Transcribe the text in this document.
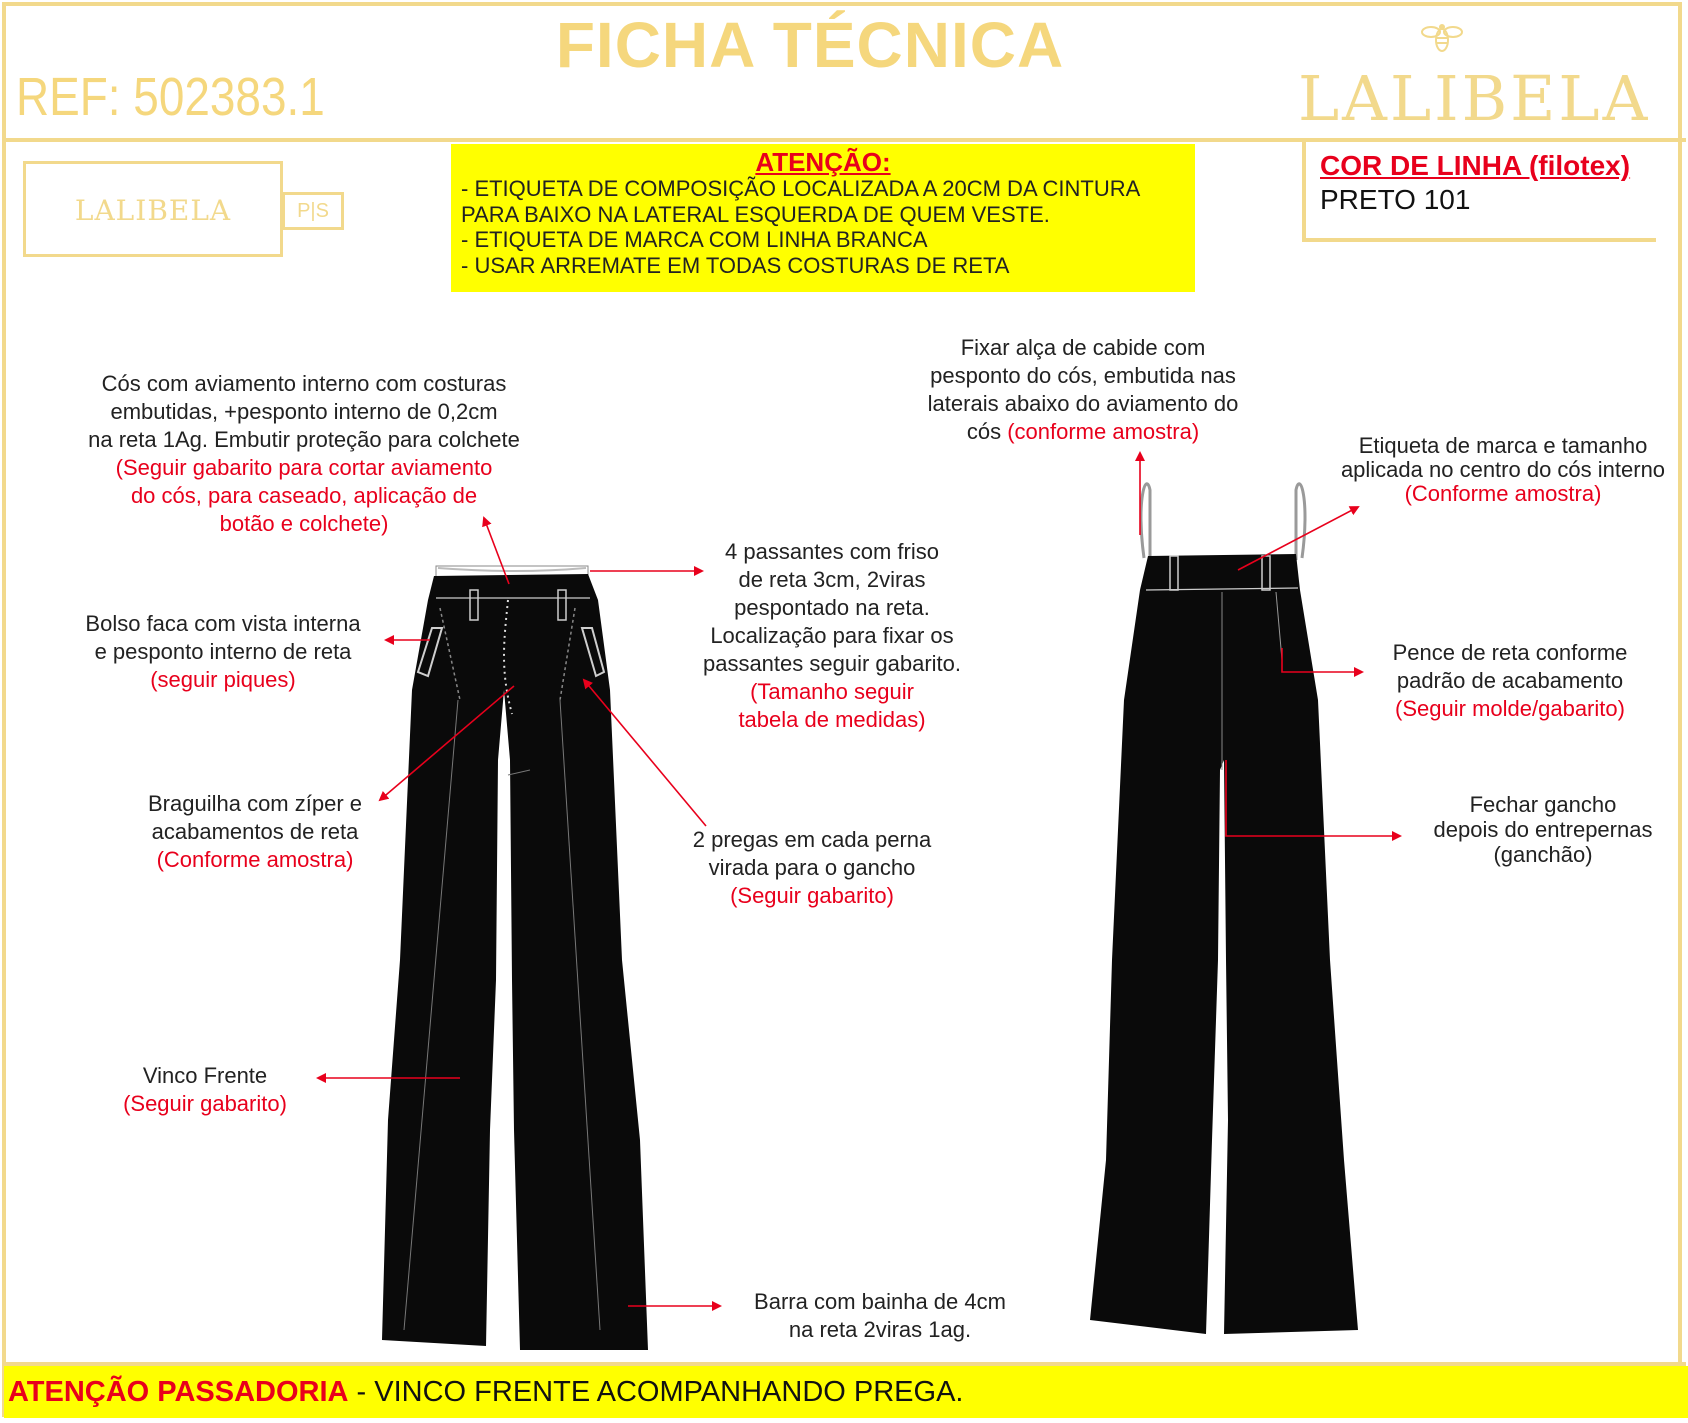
FICHA TÉCNICA
REF: 502383.1	LALIBELA
LALIBELA	P|S
ATENÇÃO:
- ETIQUETA DE COMPOSIÇÃO LOCALIZADA A 20CM DA CINTURA
PARA BAIXO NA LATERAL ESQUERDA DE QUEM VESTE.
- ETIQUETA DE MARCA COM LINHA BRANCA
- USAR ARREMATE EM TODAS COSTURAS DE RETA
COR DE LINHA (filotex)
PRETO 101
Cós com aviamento interno com costuras
embutidas, +pesponto interno de 0,2cm
na reta 1Ag. Embutir proteção para colchete
(Seguir gabarito para cortar aviamento
do cós, para caseado, aplicação de
botão e colchete)
Bolso faca com vista interna
e pesponto interno de reta
(seguir piques)
Braguilha com zíper e
acabamentos de reta
(Conforme amostra)
Vinco Frente
(Seguir gabarito)
4 passantes com friso
de reta 3cm, 2viras
pespontado na reta.
Localização para fixar os
passantes seguir gabarito.
(Tamanho seguir
tabela de medidas)
2 pregas em cada perna
virada para o gancho
(Seguir gabarito)
Barra com bainha de 4cm
na reta 2viras 1ag.
Fixar alça de cabide com
pesponto do cós, embutida nas
laterais abaixo do aviamento do
cós (conforme amostra)
Etiqueta de marca e tamanho
aplicada no centro do cós interno
(Conforme amostra)
Pence de reta conforme
padrão de acabamento
(Seguir molde/gabarito)
Fechar gancho
depois do entrepernas
(ganchão)
ATENÇÃO PASSADORIA - VINCO FRENTE ACOMPANHANDO PREGA.
